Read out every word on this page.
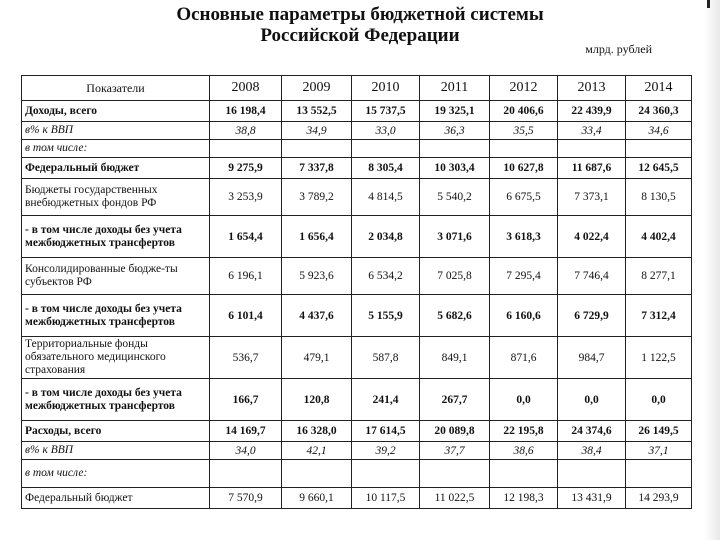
Основные параметры бюджетной системы
Российской Федерации
млрд. рублей
Показатели	2008	2009	2010	2011	2012	2013	2014
Доходы, всего	16 198,4	13 552,5	15 737,5	19 325,1	20 406,6	22 439,9	24 360,3
в% к ВВП	38,8	34,9	33,0	36,3	35,5	33,4	34,6
в том числе:							
Федеральный бюджет	9 275,9	7 337,8	8 305,4	10 303,4	10 627,8	11 687,6	12 645,5
Бюджеты государственных внебюджетных фондов РФ	3 253,9	3 789,2	4 814,5	5 540,2	6 675,5	7 373,1	8 130,5
- в том числе доходы без учета межбюджетных трансфертов	1 654,4	1 656,4	2 034,8	3 071,6	3 618,3	4 022,4	4 402,4
Консолидированные бюдже-ты субъектов РФ	6 196,1	5 923,6	6 534,2	7 025,8	7 295,4	7 746,4	8 277,1
- в том числе доходы без учета межбюджетных трансфертов	6 101,4	4 437,6	5 155,9	5 682,6	6 160,6	6 729,9	7 312,4
Территориальные фонды обязательного медицинского страхования	536,7	479,1	587,8	849,1	871,6	984,7	1 122,5
- в том числе доходы без учета межбюджетных трансфертов	166,7	120,8	241,4	267,7	0,0	0,0	0,0
Расходы, всего	14 169,7	16 328,0	17 614,5	20 089,8	22 195,8	24 374,6	26 149,5
в% к ВВП	34,0	42,1	39,2	37,7	38,6	38,4	37,1
в том числе:							
Федеральный бюджет	7 570,9	9 660,1	10 117,5	11 022,5	12 198,3	13 431,9	14 293,9
